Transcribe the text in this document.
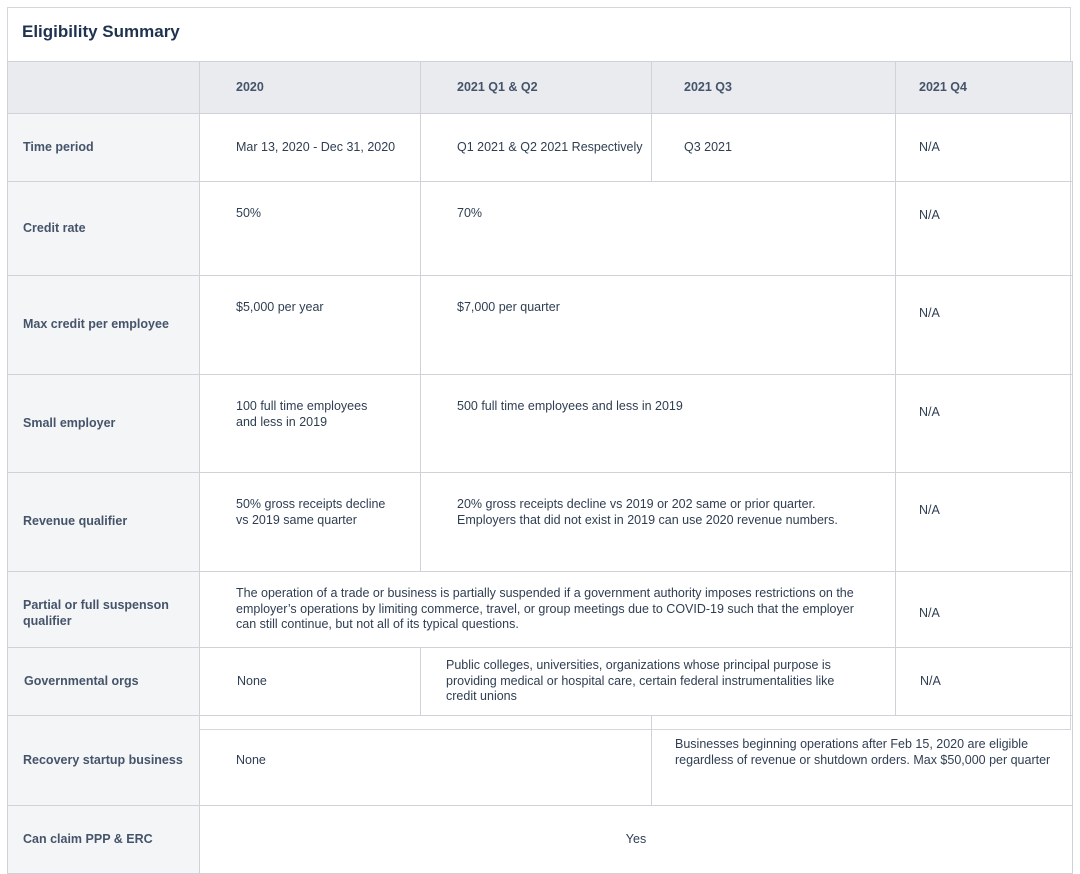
Eligibility Summary
	2020	2021 Q1 & Q2	2021 Q3	2021 Q4
Time period	Mar 13, 2020 - Dec 31, 2020	Q1 2021 & Q2 2021 Respectively	Q3 2021	N/A
Credit rate	50%	70%		N/A
Max credit per employee	$5,000 per year	$7,000 per quarter		N/A
Small employer	100 full time employees and less in 2019	500 full time employees and less in 2019		N/A
Revenue qualifier	50% gross receipts decline vs 2019 same quarter	20% gross receipts decline vs 2019 or 202 same or prior quarter. Employers that did not exist in 2019 can use 2020 revenue numbers.		N/A
Partial or full suspenson qualifier	The operation of a trade or business is partially suspended if a government authority imposes restrictions on the employer’s operations by limiting commerce, travel, or group meetings due to COVID-19 such that the employer can still continue, but not all of its typical questions.			N/A
Governmental orgs	None	Public colleges, universities, organizations whose principal purpose is providing medical or hospital care, certain federal instrumentalities like credit unions		N/A
Recovery startup business	None		Businesses beginning operations after Feb 15, 2020 are eligible regardless of revenue or shutdown orders. Max $50,000 per quarter	
Can claim PPP & ERC	Yes			
